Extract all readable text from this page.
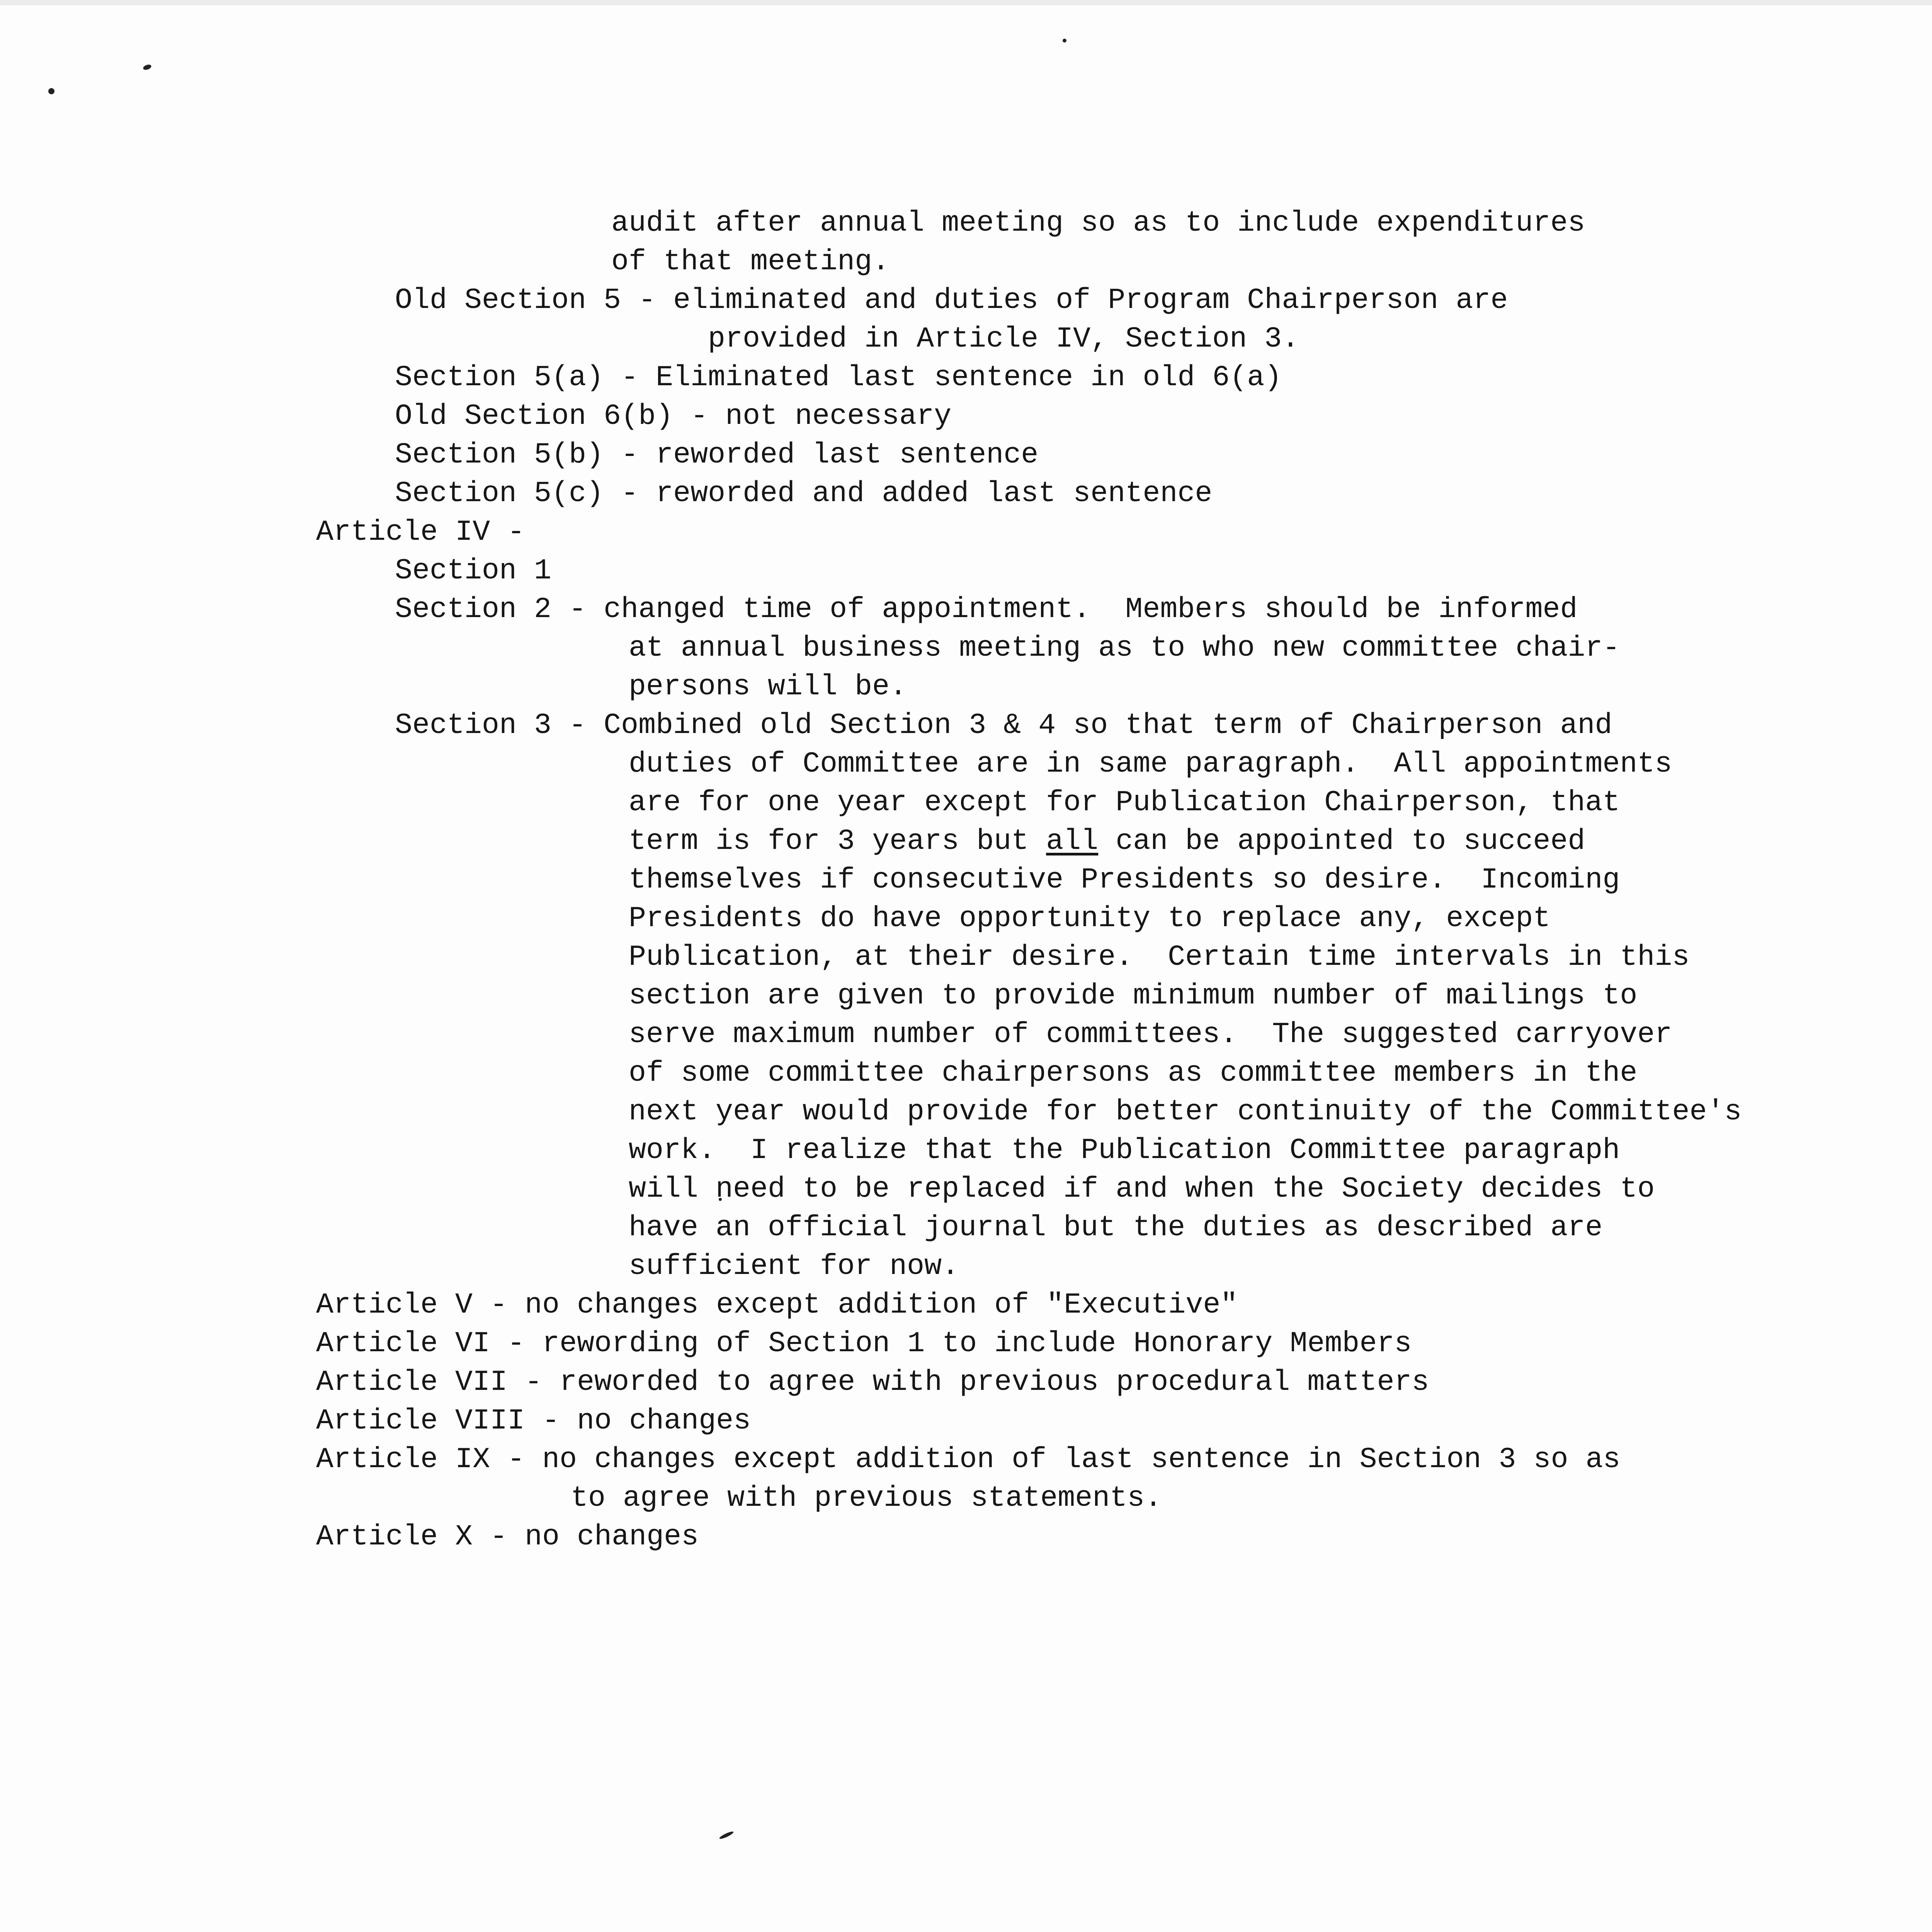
audit after annual meeting so as to include expenditures
of that meeting.
Old Section 5 - eliminated and duties of Program Chairperson are
provided in Article IV, Section 3.
Section 5(a) - Eliminated last sentence in old 6(a)
Old Section 6(b) - not necessary
Section 5(b) - reworded last sentence
Section 5(c) - reworded and added last sentence
Article IV -
Section 1
Section 2 - changed time of appointment.  Members should be informed
at annual business meeting as to who new committee chair-
persons will be.
Section 3 - Combined old Section 3 & 4 so that term of Chairperson and
duties of Committee are in same paragraph.  All appointments
are for one year except for Publication Chairperson, that
term is for 3 years but all can be appointed to succeed
themselves if consecutive Presidents so desire.  Incoming
Presidents do have opportunity to replace any, except
Publication, at their desire.  Certain time intervals in this
section are given to provide minimum number of mailings to
serve maximum number of committees.  The suggested carryover
of some committee chairpersons as committee members in the
next year would provide for better continuity of the Committee's
work.  I realize that the Publication Committee paragraph
will need to be replaced if and when the Society decides to
have an official journal but the duties as described are
sufficient for now.
Article V - no changes except addition of "Executive"
Article VI - rewording of Section 1 to include Honorary Members
Article VII - reworded to agree with previous procedural matters
Article VIII - no changes
Article IX - no changes except addition of last sentence in Section 3 so as
to agree with previous statements.
Article X - no changes
